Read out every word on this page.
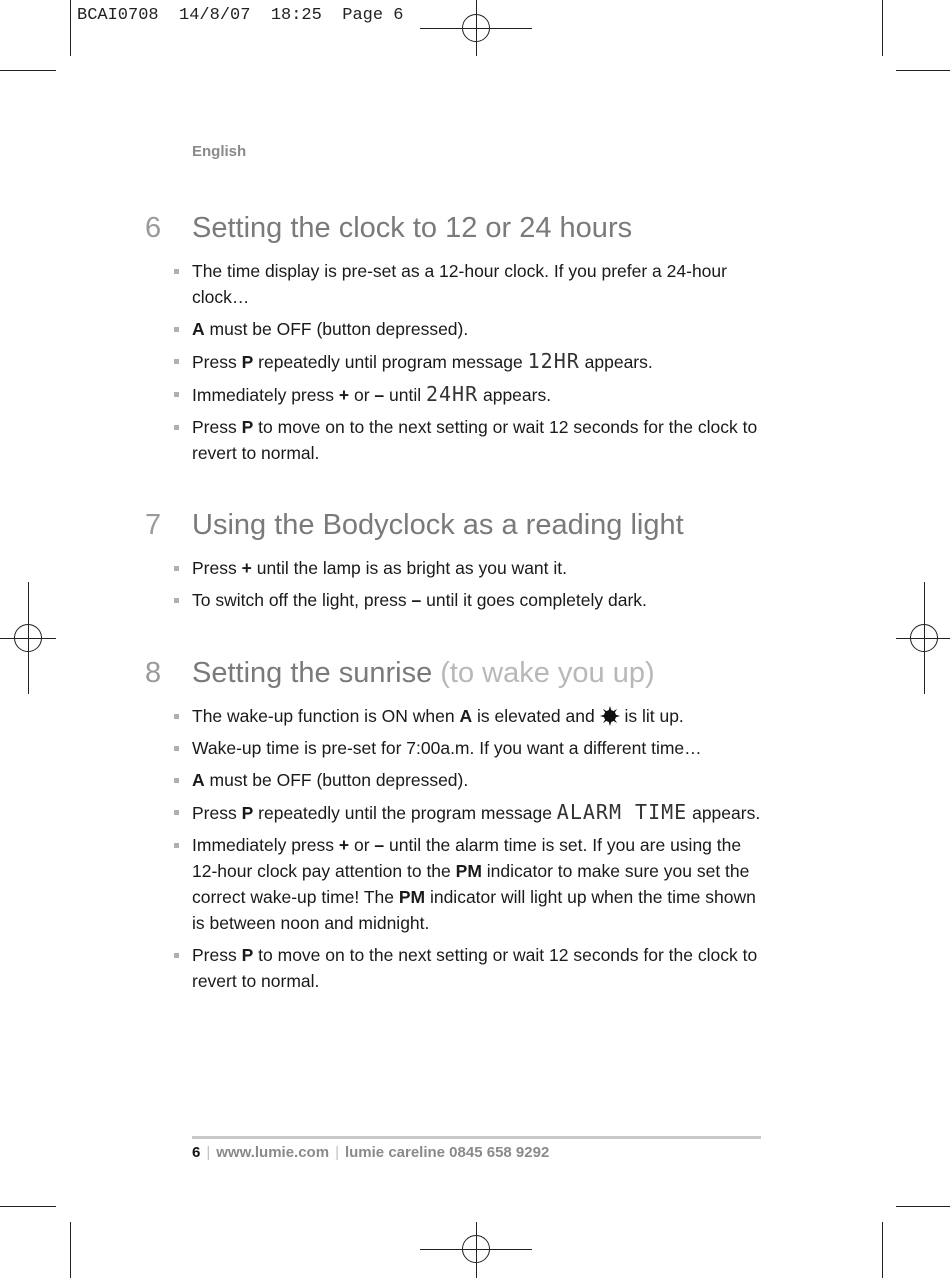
BCAI0708  14/8/07  18:25  Page 6
English
6 Setting the clock to 12 or 24 hours
The time display is pre-set as a 12-hour clock. If you prefer a 24-hour clock…
A must be OFF (button depressed).
Press P repeatedly until program message 12HR appears.
Immediately press + or – until 24HR appears.
Press P to move on to the next setting or wait 12 seconds for the clock to revert to normal.
7 Using the Bodyclock as a reading light
Press + until the lamp is as bright as you want it.
To switch off the light, press – until it goes completely dark.
8 Setting the sunrise (to wake you up)
The wake-up function is ON when A is elevated and  is lit up.
Wake-up time is pre-set for 7:00a.m. If you want a different time…
A must be OFF (button depressed).
Press P repeatedly until the program message ALARM TIME appears.
Immediately press + or – until the alarm time is set. If you are using the 12-hour clock pay attention to the PM indicator to make sure you set the correct wake-up time! The PM indicator will light up when the time shown is between noon and midnight.
Press P to move on to the next setting or wait 12 seconds for the clock to revert to normal.
6 | www.lumie.com | lumie careline 0845 658 9292
